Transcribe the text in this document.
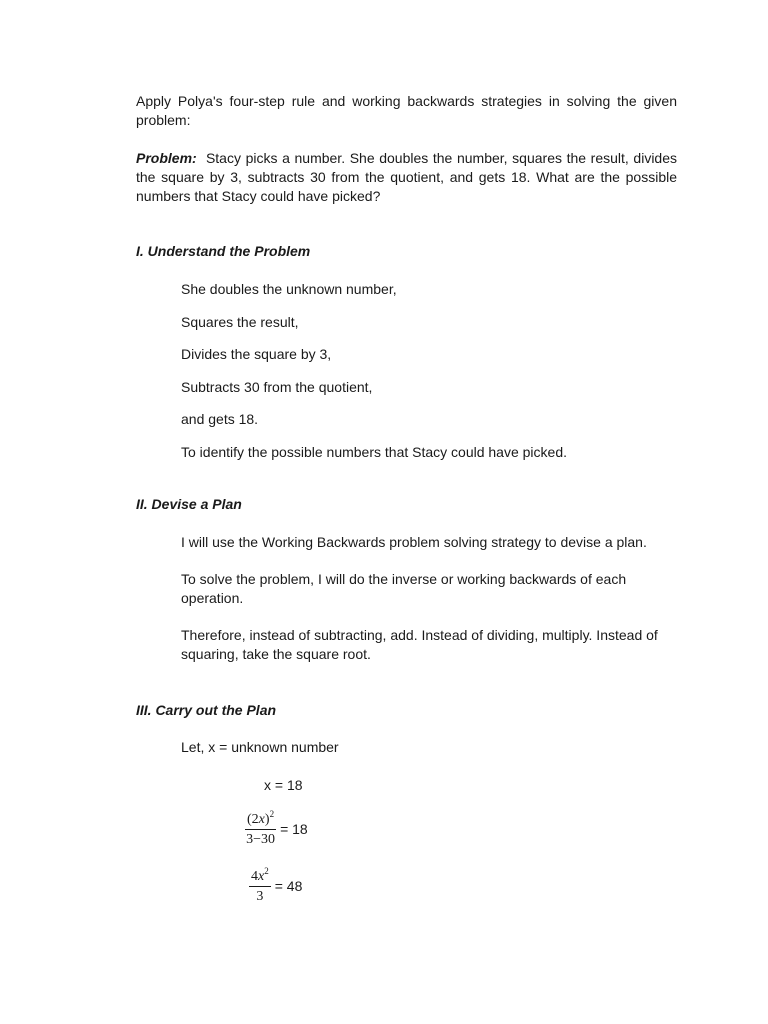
Apply Polya's four-step rule and working backwards strategies in solving the given problem:

Problem: Stacy picks a number. She doubles the number, squares the result, divides the square by 3, subtracts 30 from the quotient, and gets 18. What are the possible numbers that Stacy could have picked?

I. Understand the Problem

She doubles the unknown number,

Squares the result,

Divides the square by 3,

Subtracts 30 from the quotient,

and gets 18.

To identify the possible numbers that Stacy could have picked.

II. Devise a Plan

I will use the Working Backwards problem solving strategy to devise a plan.

To solve the problem, I will do the inverse or working backwards of each operation.

Therefore, instead of subtracting, add. Instead of dividing, multiply. Instead of squaring, take the square root.

III. Carry out the Plan

Let, x = unknown number

x = 18

$\frac{(2x)^2}{3-30} = 18$
$\frac{4x^2}{3} = 48$
